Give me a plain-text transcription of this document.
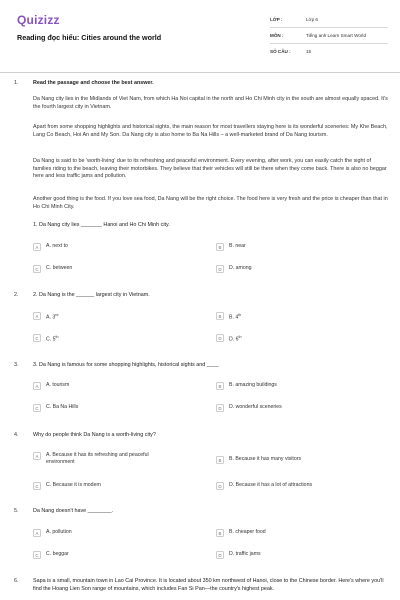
Quizizz
Reading đọc hiểu: Cities around the world
LỚP :	Lớp 6
MÔN :	Tiếng anh Learn Smart World
SỐ CÂU :	15
1.	Read the passage and choose the best answer.

Da Nang city lies in the Midlands of Viet Nam, from which Ha Noi capital in the north and Ho Chi Minh city in the south are almost equally spaced. It's the fourth largest city in Vietnam.

Apart from some shopping highlights and historical sights, the main reason for most travellers staying here is its wonderful sceneries: My Khe Beach, Lang Co Beach, Hoi An and My Son. Da Nang city is also home to Ba Na Hills – a well-marketed brand of Da Nang tourism.

Da Nang is said to be 'worth-living' due to its refreshing and peaceful environment. Every evening, after work, you can easily catch the sight of families riding to the beach, leaving their motorbikes. They believe that their vehicles will still be there when they come back. There is also no beggar here and less traffic jams and pollution.

Another good thing is the food. If you love sea food, Da Nang will be the right choice. The food here is very fresh and the price is cheaper than that in Ho Chi Minh City.

1. Da Nang city lies _______ Hanoi and Ho Chi Minh city.
A	A. next to	B	B. near
C	C. between	D	D. among
2.	2. Da Nang is the ______ largest city in Vietnam.
A	A. 3rd	B	B. 4th
C	C. 5th	D	D. 6th
3.	3. Da Nang is famous for some shopping highlights, historical sights and ____
A	A. tourism	B	B. amazing buildings
C	C. Ba Na Hills	D	D. wonderful sceneries
4.	Why do people think Da Nang is a worth-living city?
A	A. Because it has its refreshing and peaceful environment	B	B. Because it has many visitors
C	C. Because it is modern	D	D. Because it has a lot of attractions
5.	Da Nang doesn't have ________.
A	A. pollution	B	B. cheaper food
C	C. beggar	D	D. traffic jams
6.	Sapa is a small, mountain town in Lao Cai Province. It is located about 350 km northwest of Hanoi, close to the Chinese border. Here's where you'll find the Hoang Lien Son range of mountains, which includes Fan Si Pan—the country's highest peak.
